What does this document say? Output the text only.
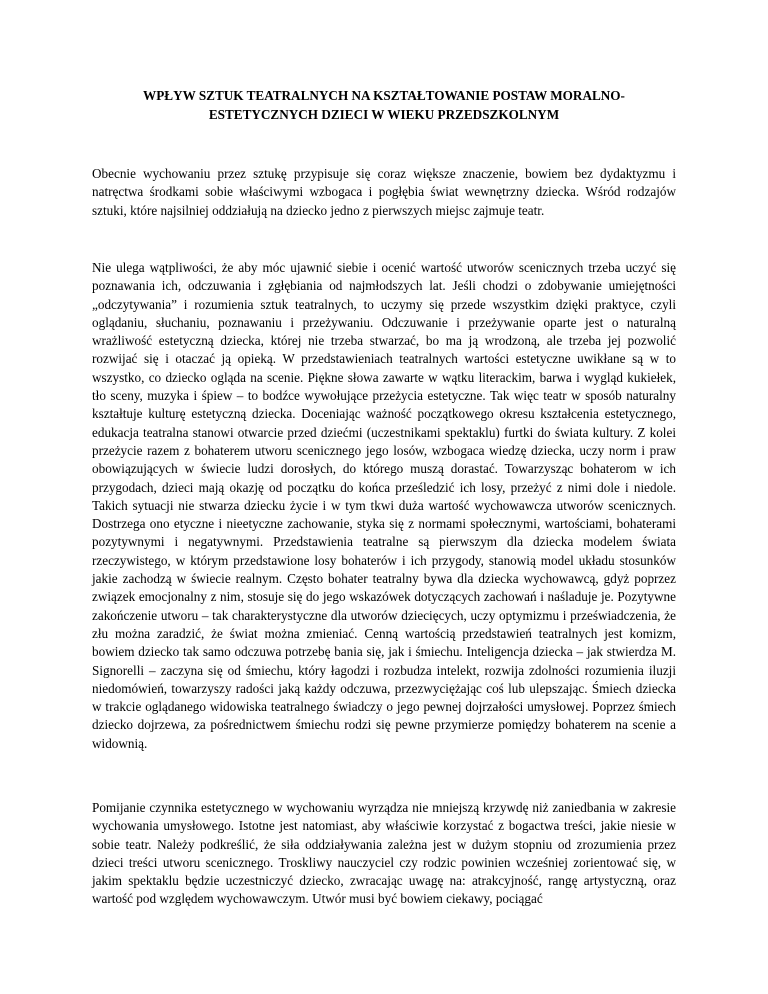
WPŁYW SZTUK TEATRALNYCH NA KSZTAŁTOWANIE POSTAW MORALNO-ESTETYCZNYCH DZIECI W WIEKU PRZEDSZKOLNYM

Obecnie wychowaniu przez sztukę przypisuje się coraz większe znaczenie, bowiem bez dydaktyzmu i natręctwa środkami sobie właściwymi wzbogaca i pogłębia świat wewnętrzny dziecka. Wśród rodzajów sztuki, które najsilniej oddziałują na dziecko jedno z pierwszych miejsc zajmuje teatr.

Nie ulega wątpliwości, że aby móc ujawnić siebie i ocenić wartość utworów scenicznych trzeba uczyć się poznawania ich, odczuwania i zgłębiania od najmłodszych lat. Jeśli chodzi o zdobywanie umiejętności „odczytywania” i rozumienia sztuk teatralnych, to uczymy się przede wszystkim dzięki praktyce, czyli oglądaniu, słuchaniu, poznawaniu i przeżywaniu. Odczuwanie i przeżywanie oparte jest o naturalną wrażliwość estetyczną dziecka, której nie trzeba stwarzać, bo ma ją wrodzoną, ale trzeba jej pozwolić rozwijać się i otaczać ją opieką. W przedstawieniach teatralnych wartości estetyczne uwikłane są w to wszystko, co dziecko ogląda na scenie. Piękne słowa zawarte w wątku literackim, barwa i wygląd kukiełek, tło sceny, muzyka i śpiew – to bodźce wywołujące przeżycia estetyczne. Tak więc teatr w sposób naturalny kształtuje kulturę estetyczną dziecka. Doceniając ważność początkowego okresu kształcenia estetycznego, edukacja teatralna stanowi otwarcie przed dziećmi (uczestnikami spektaklu) furtki do świata kultury. Z kolei przeżycie razem z bohaterem utworu scenicznego jego losów, wzbogaca wiedzę dziecka, uczy norm i praw obowiązujących w świecie ludzi dorosłych, do którego muszą dorastać. Towarzysząc bohaterom w ich przygodach, dzieci mają okazję od początku do końca prześledzić ich losy, przeżyć z nimi dole i niedole. Takich sytuacji nie stwarza dziecku życie i w tym tkwi duża wartość wychowawcza utworów scenicznych. Dostrzega ono etyczne i nieetyczne zachowanie, styka się z normami społecznymi, wartościami, bohaterami pozytywnymi i negatywnymi. Przedstawienia teatralne są pierwszym dla dziecka modelem świata rzeczywistego, w którym przedstawione losy bohaterów i ich przygody, stanowią model układu stosunków jakie zachodzą w świecie realnym. Często bohater teatralny bywa dla dziecka wychowawcą, gdyż poprzez związek emocjonalny z nim, stosuje się do jego wskazówek dotyczących zachowań i naśladuje je. Pozytywne zakończenie utworu – tak charakterystyczne dla utworów dziecięcych, uczy optymizmu i przeświadczenia, że złu można zaradzić, że świat można zmieniać. Cenną wartością przedstawień teatralnych jest komizm, bowiem dziecko tak samo odczuwa potrzebę bania się, jak i śmiechu. Inteligencja dziecka – jak stwierdza M. Signorelli – zaczyna się od śmiechu, który łagodzi i rozbudza intelekt, rozwija zdolności rozumienia iluzji niedomówień, towarzyszy radości jaką każdy odczuwa, przezwyciężając coś lub ulepszając. Śmiech dziecka w trakcie oglądanego widowiska teatralnego świadczy o jego pewnej dojrzałości umysłowej. Poprzez śmiech dziecko dojrzewa, za pośrednictwem śmiechu rodzi się pewne przymierze pomiędzy bohaterem na scenie a widownią.

Pomijanie czynnika estetycznego w wychowaniu wyrządza nie mniejszą krzywdę niż zaniedbania w zakresie wychowania umysłowego. Istotne jest natomiast, aby właściwie korzystać z bogactwa treści, jakie niesie w sobie teatr. Należy podkreślić, że siła oddziaływania zależna jest w dużym stopniu od zrozumienia przez dzieci treści utworu scenicznego. Troskliwy nauczyciel czy rodzic powinien wcześniej zorientować się, w jakim spektaklu będzie uczestniczyć dziecko, zwracając uwagę na: atrakcyjność, rangę artystyczną, oraz wartość pod względem wychowawczym. Utwór musi być bowiem ciekawy, pociągać
